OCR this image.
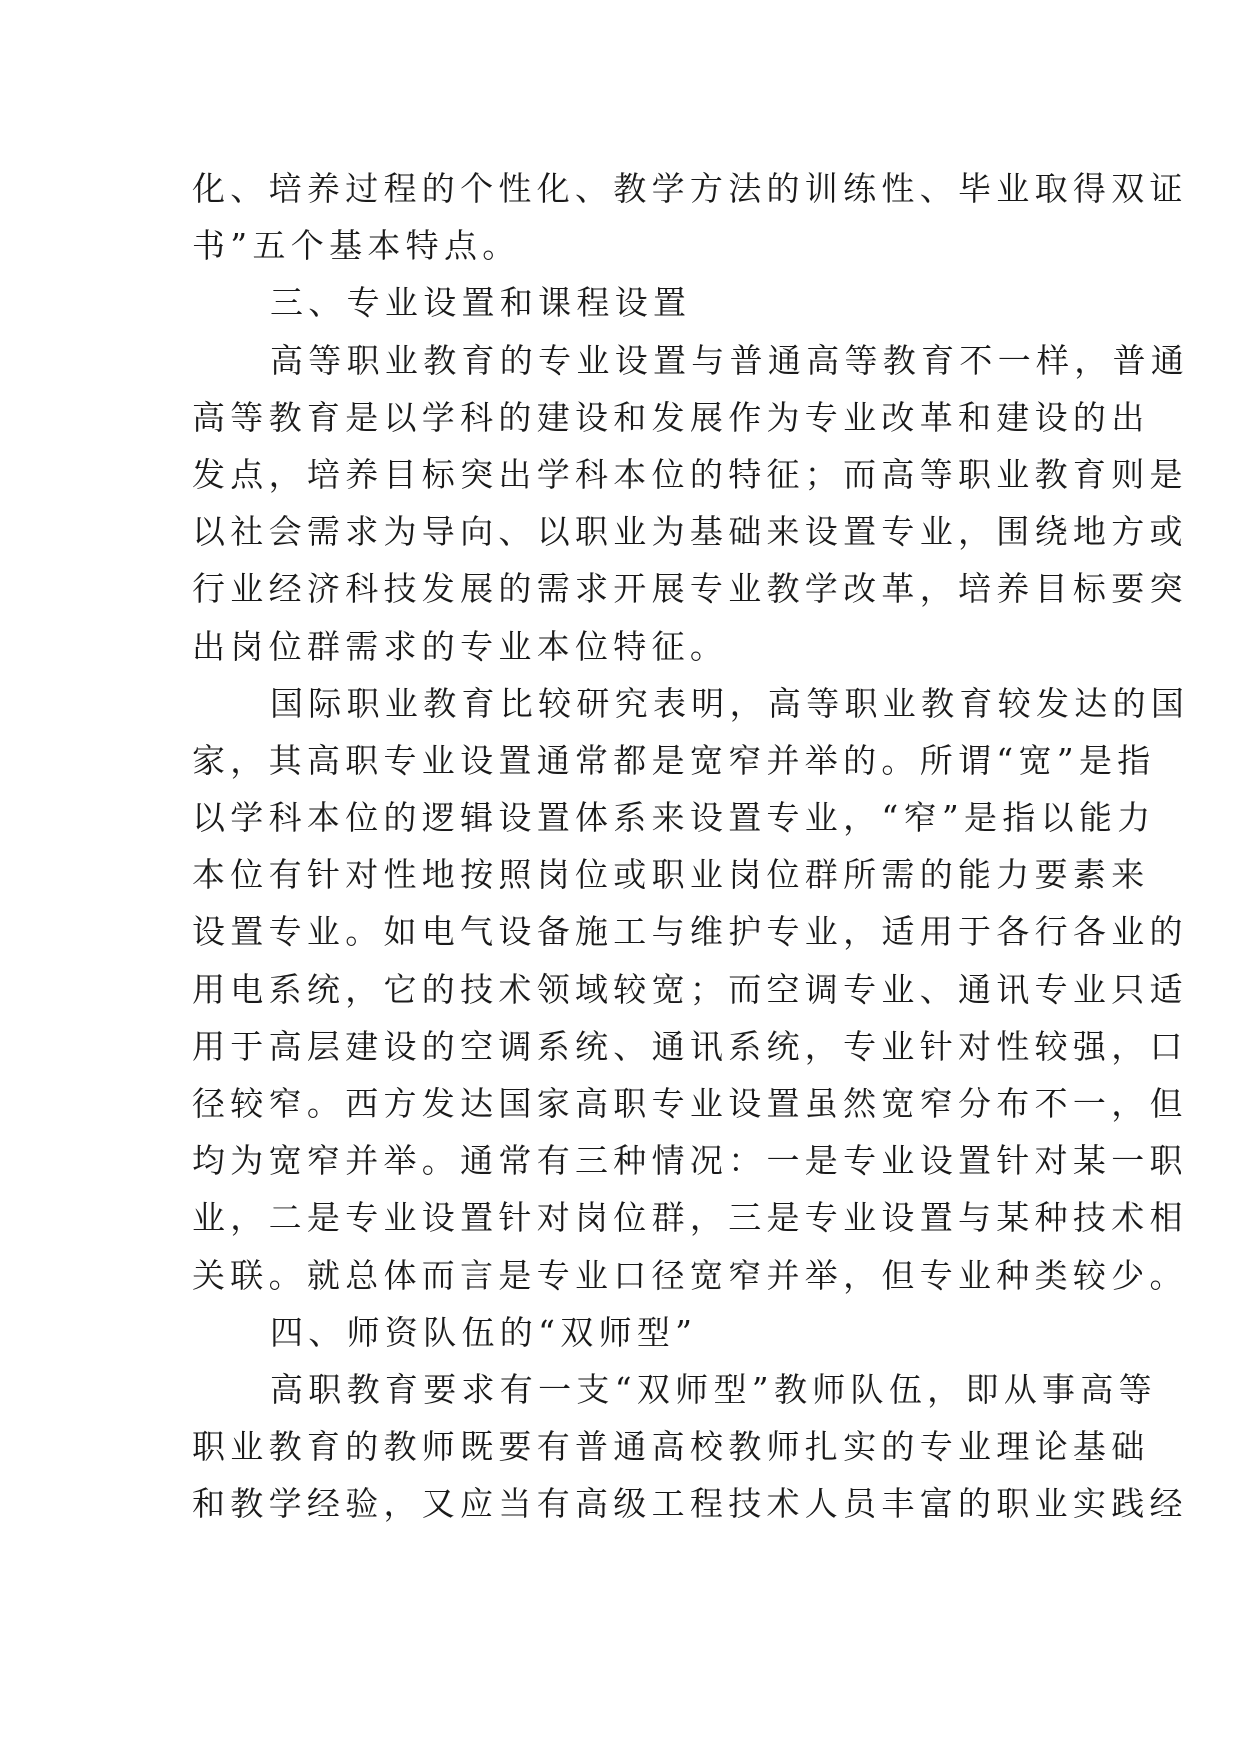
化、培养过程的个性化、教学方法的训练性、毕业取得双证
书”五个基本特点。
三、专业设置和课程设置
高等职业教育的专业设置与普通高等教育不一样，普通
高等教育是以学科的建设和发展作为专业改革和建设的出
发点，培养目标突出学科本位的特征；而高等职业教育则是
以社会需求为导向、以职业为基础来设置专业，围绕地方或
行业经济科技发展的需求开展专业教学改革，培养目标要突
出岗位群需求的专业本位特征。
国际职业教育比较研究表明，高等职业教育较发达的国
家，其高职专业设置通常都是宽窄并举的。所谓“宽”是指
以学科本位的逻辑设置体系来设置专业，“窄”是指以能力
本位有针对性地按照岗位或职业岗位群所需的能力要素来
设置专业。如电气设备施工与维护专业，适用于各行各业的
用电系统，它的技术领域较宽；而空调专业、通讯专业只适
用于高层建设的空调系统、通讯系统，专业针对性较强，口
径较窄。西方发达国家高职专业设置虽然宽窄分布不一，但
均为宽窄并举。通常有三种情况：一是专业设置针对某一职
业，二是专业设置针对岗位群，三是专业设置与某种技术相
关联。就总体而言是专业口径宽窄并举，但专业种类较少。
四、师资队伍的“双师型”
高职教育要求有一支“双师型”教师队伍，即从事高等
职业教育的教师既要有普通高校教师扎实的专业理论基础
和教学经验，又应当有高级工程技术人员丰富的职业实践经
